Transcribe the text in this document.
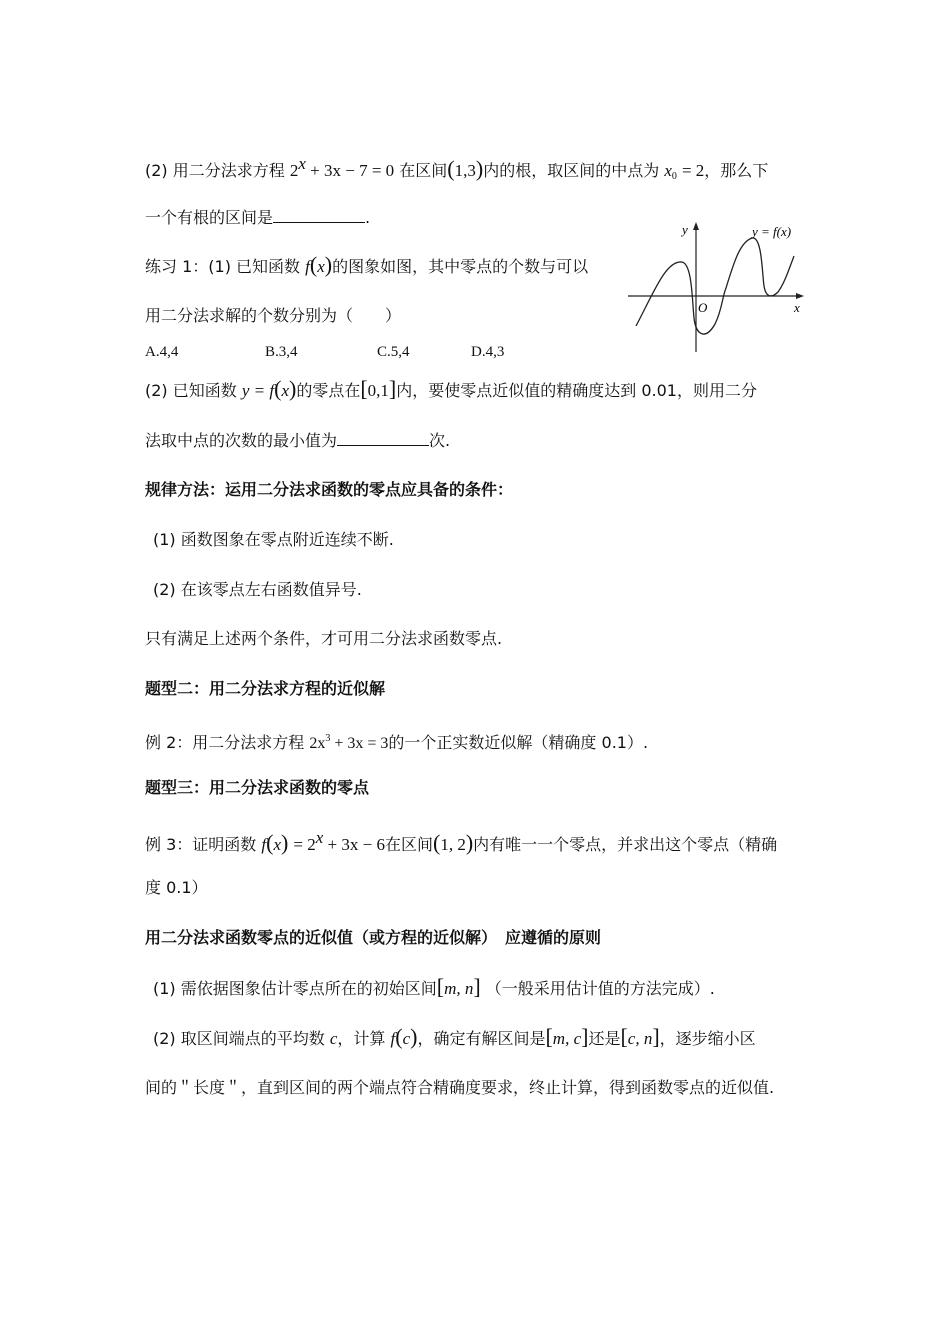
(2) 用二分法求方程 $2^x + 3x - 7 = 0$ 在区间(1,3)内的根，取区间的中点为 $x_0 = 2$，那么下
一个有根的区间是	.
练习 1：(1) 已知函数 f(x)的图象如图，其中零点的个数与可以
用二分法求解的个数分别为（　　）
A.4,4	B.3,4	C.5,4	D.4,3
y
x
O
y = f(x)
(2) 已知函数 y = f(x)的零点在[0,1]内，要使零点近似值的精确度达到 0.01，则用二分
法取中点的次数的最小值为	次.
规律方法：运用二分法求函数的零点应具备的条件：
(1) 函数图象在零点附近连续不断.
(2) 在该零点左右函数值异号.
只有满足上述两个条件，才可用二分法求函数零点.
题型二：用二分法求方程的近似解
例 2：用二分法求方程 $2x^3 + 3x = 3$的一个正实数近似解（精确度 0.1）.
题型三：用二分法求函数的零点
例 3：证明函数 $f(x) = 2^x + 3x - 6$在区间(1, 2)内有唯一一个零点，并求出这个零点（精确
度 0.1）
用二分法求函数零点的近似值（或方程的近似解）　应遵循的原则
(1) 需依据图象估计零点所在的初始区间[m, n] （一般采用估计值的方法完成）.
(2) 取区间端点的平均数 c，计算 f(c)，确定有解区间是[m, c]还是[c, n]，逐步缩小区
间的＂长度＂，直到区间的两个端点符合精确度要求，终止计算，得到函数零点的近似值.
